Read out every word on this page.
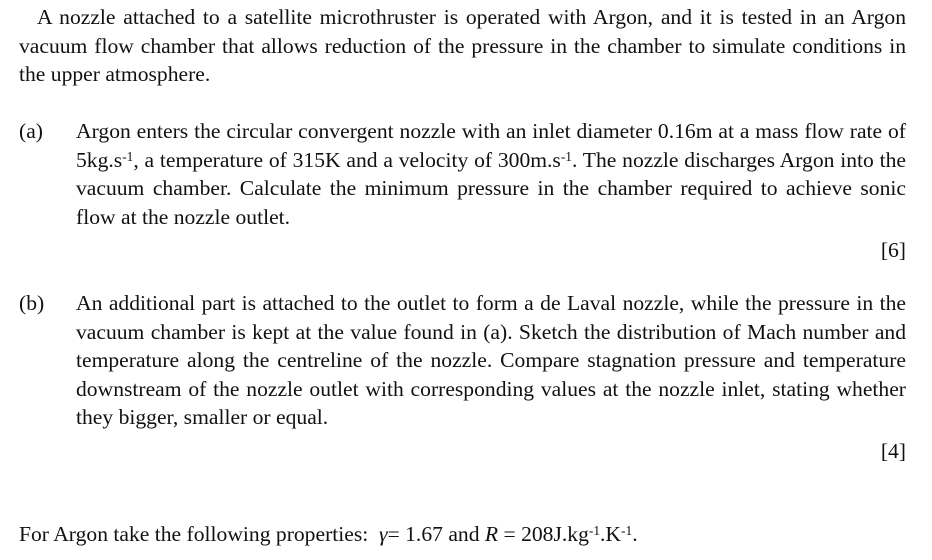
A nozzle attached to a satellite microthruster is operated with Argon, and it is tested in an Argon vacuum flow chamber that allows reduction of the pressure in the chamber to simulate conditions in the upper atmosphere.
(a) Argon enters the circular convergent nozzle with an inlet diameter 0.16m at a mass flow rate of $5kg.s^{-1}$, a temperature of 315K and a velocity of $300m.s^{-1}$. The nozzle discharges Argon into the vacuum chamber. Calculate the minimum pressure in the chamber required to achieve sonic flow at the nozzle outlet.
[6]
(b) An additional part is attached to the outlet to form a de Laval nozzle, while the pressure in the vacuum chamber is kept at the value found in (a). Sketch the distribution of Mach number and temperature along the centreline of the nozzle. Compare stagnation pressure and temperature downstream of the nozzle outlet with corresponding values at the nozzle inlet, stating whether they bigger, smaller or equal.
[4]
For Argon take the following properties: γ= 1.67 and $R = 208J.kg^{-1}.K^{-1}$.
